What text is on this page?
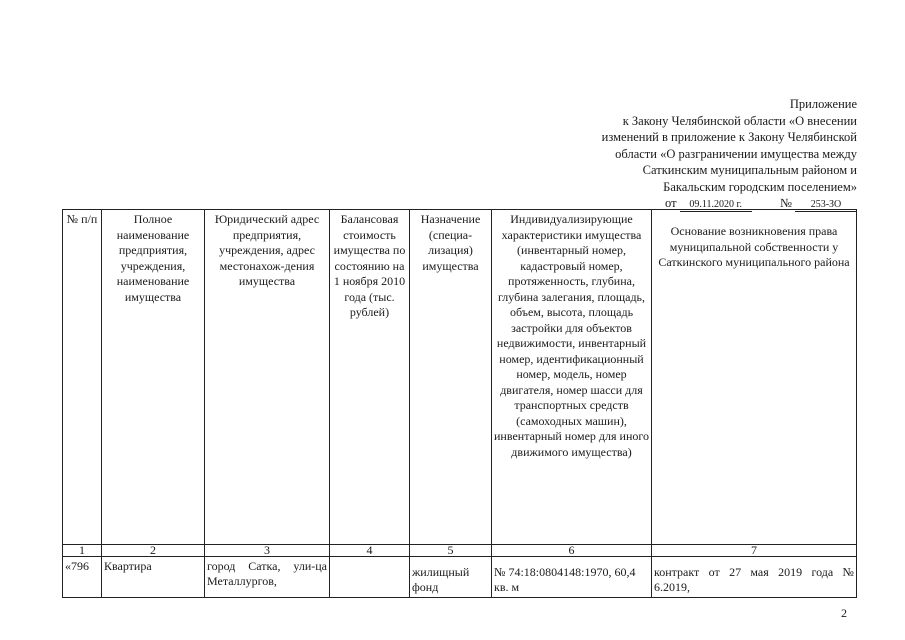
Приложение
к Закону Челябинской области «О внесении
изменений в приложение к Закону Челябинской
области «О разграничении имущества между
Саткинским муниципальным районом и
Бакальским городским поселением»
от 09.11.2020 г.	№ 253-ЗО
№ п/п	Полное наименование предприятия, учреждения, наименование имущества	Юридический адрес предприятия, учреждения, адрес местонахож-дения имущества	Балансовая стоимость имущества по состоянию на 1 ноября 2010 года (тыс. рублей)	Назначение (специа-лизация) имущества	Индивидуализирующие характеристики имущества (инвентарный номер, кадастровый номер, протяженность, глубина, глубина залегания, площадь, объем, высота, площадь застройки для объектов недвижимости, инвентарный номер, идентификационный номер, модель, номер двигателя, номер шасси для транспортных средств (самоходных машин), инвентарный номер для иного движимого имущества)	Основание возникновения права муниципальной собственности у Саткинского муниципального района
1	2	3	4	5	6	7
«796	Квартира	город Сатка, ули-ца Металлургов,		жилищный фонд	№ 74:18:0804148:1970, 60,4 кв. м	контракт от 27 мая 2019 года № 6.2019,
2
